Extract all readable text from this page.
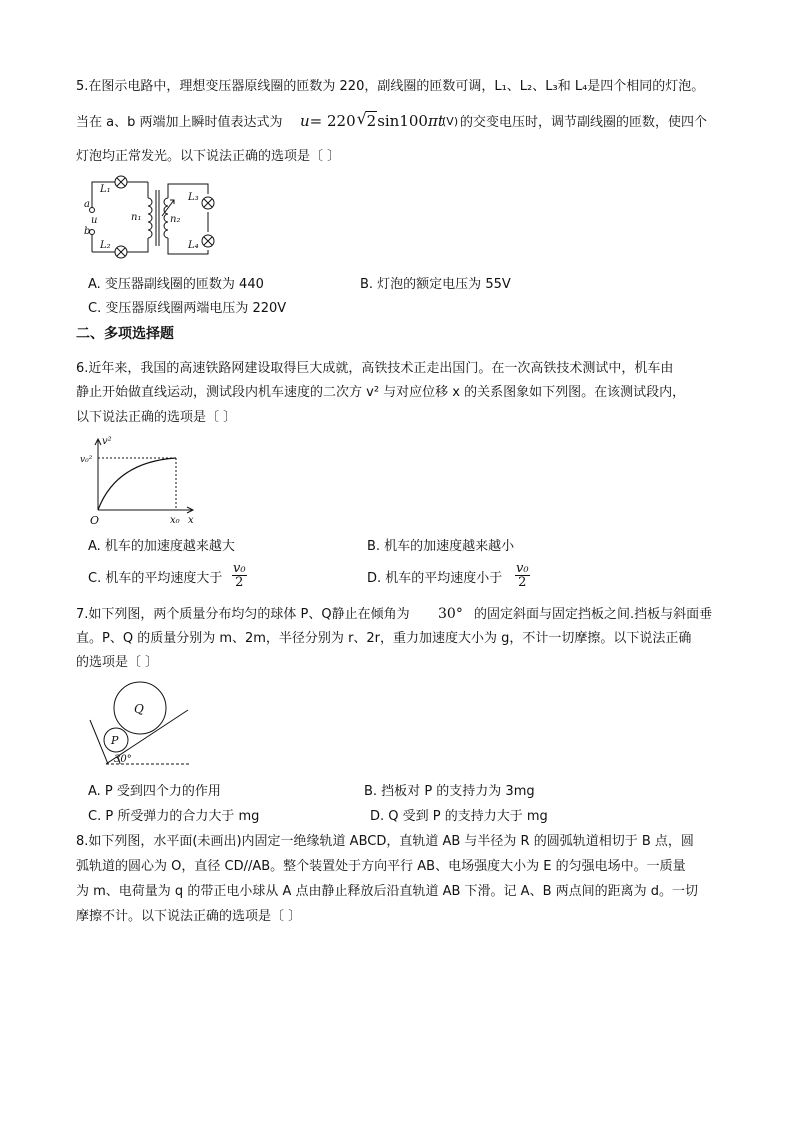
5.在图示电路中，理想变压器原线圈的匝数为 220，副线圈的匝数可调，L₁、L₂、L₃和 L₄是四个相同的灯泡。
当在 a、b 两端加上瞬时值表达式为 u= 220 √ 2sin100πt
(V) 的交变电压时，调节副线圈的匝数，使四个
灯泡均正常发光。以下说法正确的选项是〔 〕
L₁
L₂
L₃
L₄
a
u
b
n₁	n₂
A. 变压器副线圈的匝数为 440	B. 灯泡的额定电压为 55V
C. 变压器原线圈两端电压为 220V
二、多项选择题
6.近年来，我国的高速铁路网建设取得巨大成就，高铁技术正走出国门。在一次高铁技术测试中，机车由
静止开始做直线运动，测试段内机车速度的二次方 v² 与对应位移 x 的关系图象如下列图。在该测试段内，
以下说法正确的选项是〔 〕
v²
v₀²
O	x₀ x
A. 机车的加速度越来越大	B. 机车的加速度越来越小
C. 机车的平均速度大于 $\frac{\text{v₀}}{2}$	D. 机车的平均速度小于 $\frac{\text{v₀}}{2}$
7.如下列图，两个质量分布均匀的球体 P、Q静止在倾角为 30° 的固定斜面与固定挡板之间.挡板与斜面垂
直。P、Q 的质量分别为 m、2m，半径分别为 r、2r，重力加速度大小为 g，不计一切摩擦。以下说法正确
的选项是〔 〕
Q
P
30°
A. P 受到四个力的作用	B. 挡板对 P 的支持力为 3mg
C. P 所受弹力的合力大于 mg	D. Q 受到 P 的支持力大于 mg
8.如下列图，水平面(未画出)内固定一绝缘轨道 ABCD，直轨道 AB 与半径为 R 的圆弧轨道相切于 B 点，圆
弧轨道的圆心为 O，直径 CD//AB。整个装置处于方向平行 AB、电场强度大小为 E 的匀强电场中。一质量
为 m、电荷量为 q 的带正电小球从 A 点由静止释放后沿直轨道 AB 下滑。记 A、B 两点间的距离为 d。一切
摩擦不计。以下说法正确的选项是〔 〕
